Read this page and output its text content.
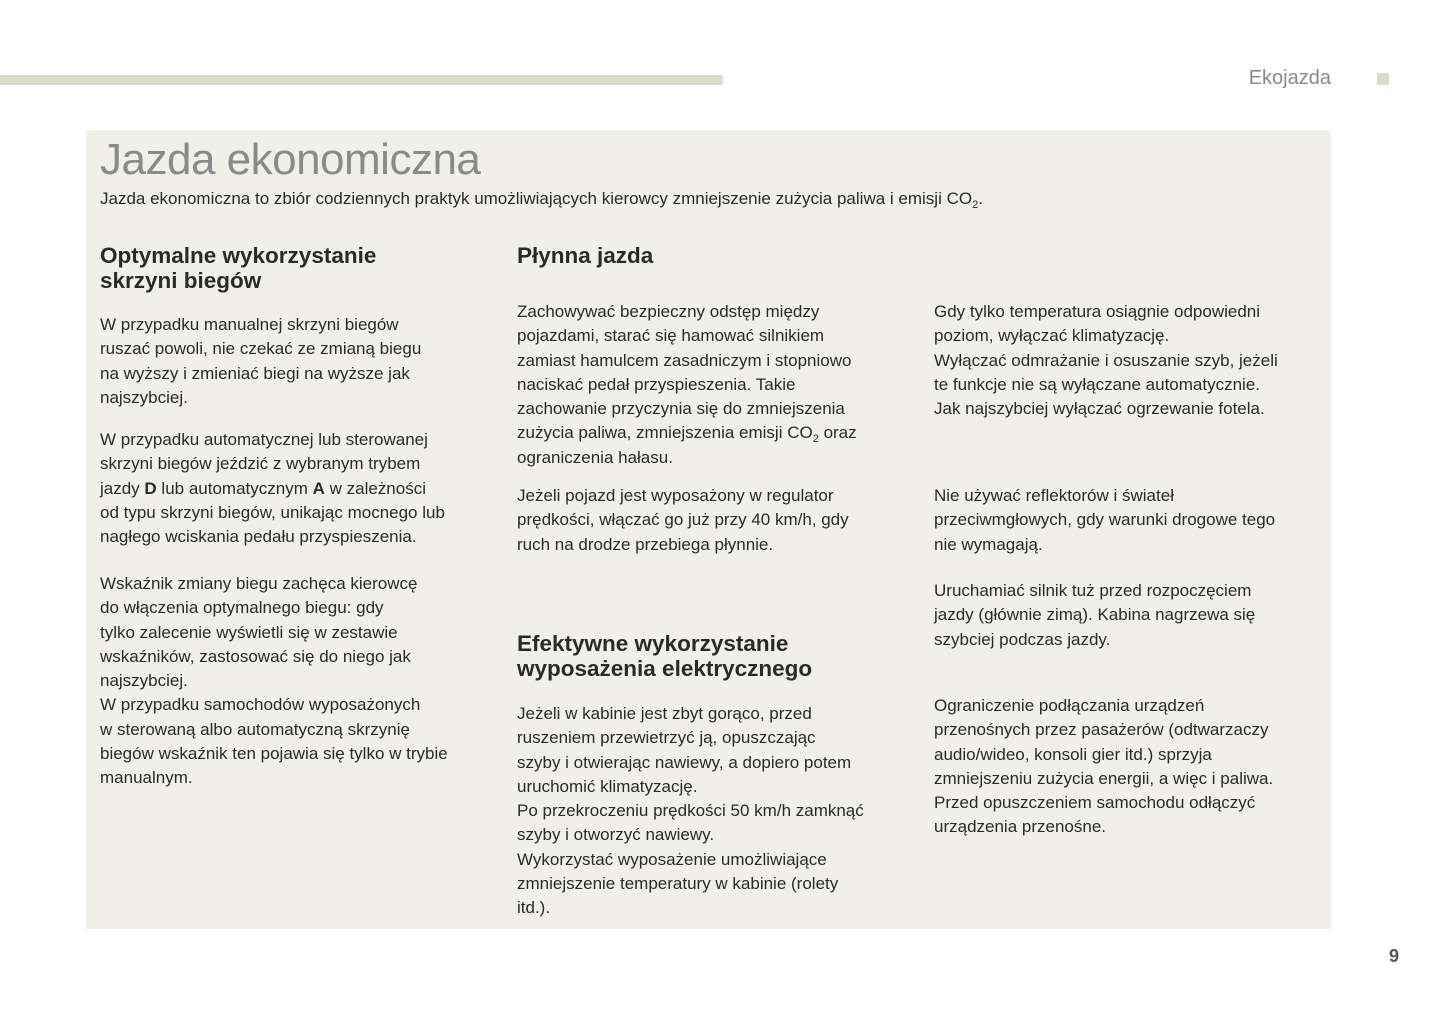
Ekojazda
Jazda ekonomiczna
Jazda ekonomiczna to zbiór codziennych praktyk umożliwiających kierowcy zmniejszenie zużycia paliwa i emisji $CO_2$.
Optymalne wykorzystanie
skrzyni biegów
W przypadku manualnej skrzyni biegów
ruszać powoli, nie czekać ze zmianą biegu
na wyższy i zmieniać biegi na wyższe jak
najszybciej.
W przypadku automatycznej lub sterowanej
skrzyni biegów jeździć z wybranym trybem
jazdy D lub automatycznym A w zależności
od typu skrzyni biegów, unikając mocnego lub
nagłego wciskania pedału przyspieszenia.
Wskaźnik zmiany biegu zachęca kierowcę
do włączenia optymalnego biegu: gdy
tylko zalecenie wyświetli się w zestawie
wskaźników, zastosować się do niego jak
najszybciej.
W przypadku samochodów wyposażonych
w sterowaną albo automatyczną skrzynię
biegów wskaźnik ten pojawia się tylko w trybie
manualnym.
Płynna jazda
Zachowywać bezpieczny odstęp między
pojazdami, starać się hamować silnikiem
zamiast hamulcem zasadniczym i stopniowo
naciskać pedał przyspieszenia. Takie
zachowanie przyczynia się do zmniejszenia
zużycia paliwa, zmniejszenia emisji $CO_2$ oraz
ograniczenia hałasu.
Jeżeli pojazd jest wyposażony w regulator
prędkości, włączać go już przy 40 km/h, gdy
ruch na drodze przebiega płynnie.
Efektywne wykorzystanie
wyposażenia elektrycznego
Jeżeli w kabinie jest zbyt gorąco, przed
ruszeniem przewietrzyć ją, opuszczając
szyby i otwierając nawiewy, a dopiero potem
uruchomić klimatyzację.
Po przekroczeniu prędkości 50 km/h zamknąć
szyby i otworzyć nawiewy.
Wykorzystać wyposażenie umożliwiające
zmniejszenie temperatury w kabinie (rolety
itd.).
Gdy tylko temperatura osiągnie odpowiedni
poziom, wyłączać klimatyzację.
Wyłączać odmrażanie i osuszanie szyb, jeżeli
te funkcje nie są wyłączane automatycznie.
Jak najszybciej wyłączać ogrzewanie fotela.
Nie używać reflektorów i świateł
przeciwmgłowych, gdy warunki drogowe tego
nie wymagają.
Uruchamiać silnik tuż przed rozpoczęciem
jazdy (głównie zimą). Kabina nagrzewa się
szybciej podczas jazdy.
Ograniczenie podłączania urządzeń
przenośnych przez pasażerów (odtwarzaczy
audio/wideo, konsoli gier itd.) sprzyja
zmniejszeniu zużycia energii, a więc i paliwa.
Przed opuszczeniem samochodu odłączyć
urządzenia przenośne.
9
